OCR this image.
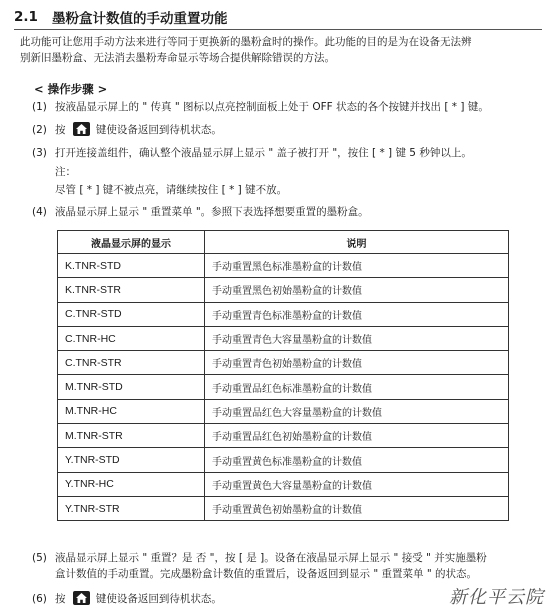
2.1	墨粉盒计数值的手动重置功能
此功能可让您用手动方法来进行等同于更换新的墨粉盒时的操作。此功能的目的是为在设备无法辨
别新旧墨粉盒、无法消去墨粉寿命显示等场合提供解除错误的方法。
< 操作步骤 >
(1) 按液晶显示屏上的 " 传真 " 图标以点亮控制面板上处于 OFF 状态的各个按键并找出 [ * ] 键。
(2) 按	键使设备返回到待机状态。
(3) 打开连接盖组件，确认整个液晶显示屏上显示 " 盖子被打开 "，按住 [ * ] 键 5 秒钟以上。
注：
尽管 [ * ] 键不被点亮，请继续按住 [ * ] 键不放。
(4) 液晶显示屏上显示 " 重置菜单 "。参照下表选择想要重置的墨粉盒。
液晶显示屏的显示	说明
K.TNR-STD	手动重置黑色标准墨粉盒的计数值
K.TNR-STR	手动重置黑色初始墨粉盒的计数值
C.TNR-STD	手动重置青色标准墨粉盒的计数值
C.TNR-HC	手动重置青色大容量墨粉盒的计数值
C.TNR-STR	手动重置青色初始墨粉盒的计数值
M.TNR-STD	手动重置品红色标准墨粉盒的计数值
M.TNR-HC	手动重置品红色大容量墨粉盒的计数值
M.TNR-STR	手动重置品红色初始墨粉盒的计数值
Y.TNR-STD	手动重置黄色标准墨粉盒的计数值
Y.TNR-HC	手动重置黄色大容量墨粉盒的计数值
Y.TNR-STR	手动重置黄色初始墨粉盒的计数值
(5) 液晶显示屏上显示 " 重置？是 否 "，按 [ 是 ]。设备在液晶显示屏上显示 " 接受 " 并实施墨粉
盒计数值的手动重置。完成墨粉盒计数值的重置后，设备返回到显示 " 重置菜单 " 的状态。
(6) 按	键使设备返回到待机状态。	新化平云院
